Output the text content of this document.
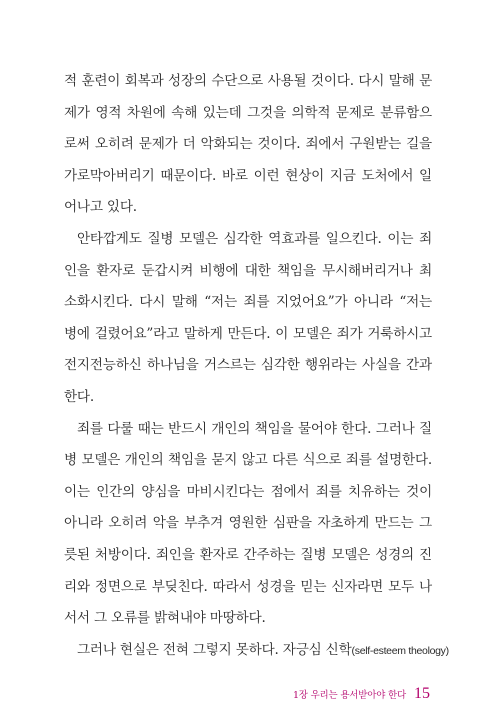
적 훈련이 회복과 성장의 수단으로 사용될 것이다. 다시 말해 문
제가 영적 차원에 속해 있는데 그것을 의학적 문제로 분류함으
로써 오히려 문제가 더 악화되는 것이다. 죄에서 구원받는 길을
가로막아버리기 때문이다. 바로 이런 현상이 지금 도처에서 일
어나고 있다.
안타깝게도 질병 모델은 심각한 역효과를 일으킨다. 이는 죄
인을 환자로 둔갑시켜 비행에 대한 책임을 무시해버리거나 최
소화시킨다. 다시 말해 “저는 죄를 지었어요”가 아니라 “저는
병에 걸렸어요”라고 말하게 만든다. 이 모델은 죄가 거룩하시고
전지전능하신 하나님을 거스르는 심각한 행위라는 사실을 간과
한다.
죄를 다룰 때는 반드시 개인의 책임을 물어야 한다. 그러나 질
병 모델은 개인의 책임을 묻지 않고 다른 식으로 죄를 설명한다.
이는 인간의 양심을 마비시킨다는 점에서 죄를 치유하는 것이
아니라 오히려 악을 부추겨 영원한 심판을 자초하게 만드는 그
릇된 처방이다. 죄인을 환자로 간주하는 질병 모델은 성경의 진
리와 정면으로 부딪친다. 따라서 성경을 믿는 신자라면 모두 나
서서 그 오류를 밝혀내야 마땅하다.
그러나 현실은 전혀 그렇지 못하다. 자긍심 신학(self-esteem theology)
1장 우리는 용서받아야 한다 15
